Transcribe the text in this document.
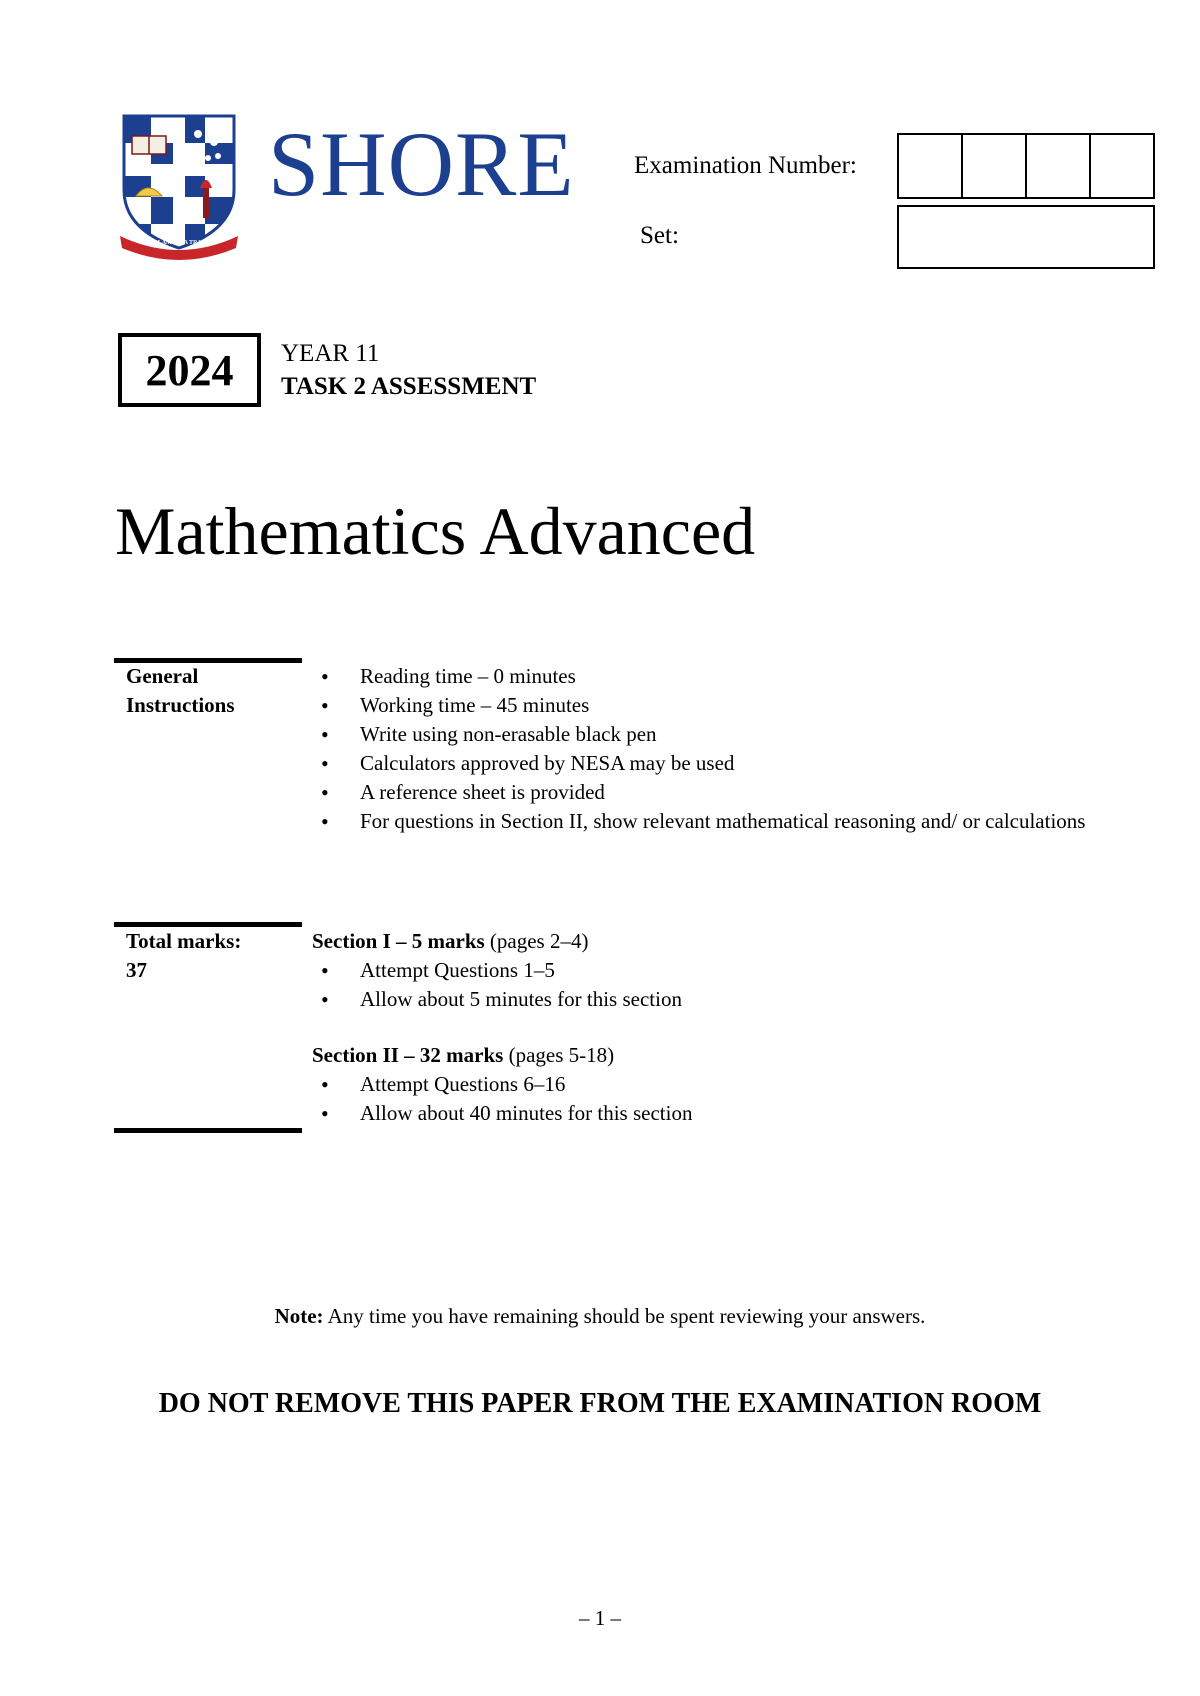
VITAI LAMPADA TRADUNT
SHORE Examination Number:
Set:
2024	YEAR 11
TASK 2 ASSESSMENT
Mathematics Advanced
General
Instructions
• Reading time – 0 minutes
• Working time – 45 minutes
• Write using non-erasable black pen
• Calculators approved by NESA may be used
• A reference sheet is provided
• For questions in Section II, show relevant mathematical reasoning and/ or calculations
Total marks:
37
Section I – 5 marks (pages 2–4)
• Attempt Questions 1–5
• Allow about 5 minutes for this section
Section II – 32 marks (pages 5-18)
• Attempt Questions 6–16
• Allow about 40 minutes for this section
Note: Any time you have remaining should be spent reviewing your answers.
DO NOT REMOVE THIS PAPER FROM THE EXAMINATION ROOM
– 1 –
